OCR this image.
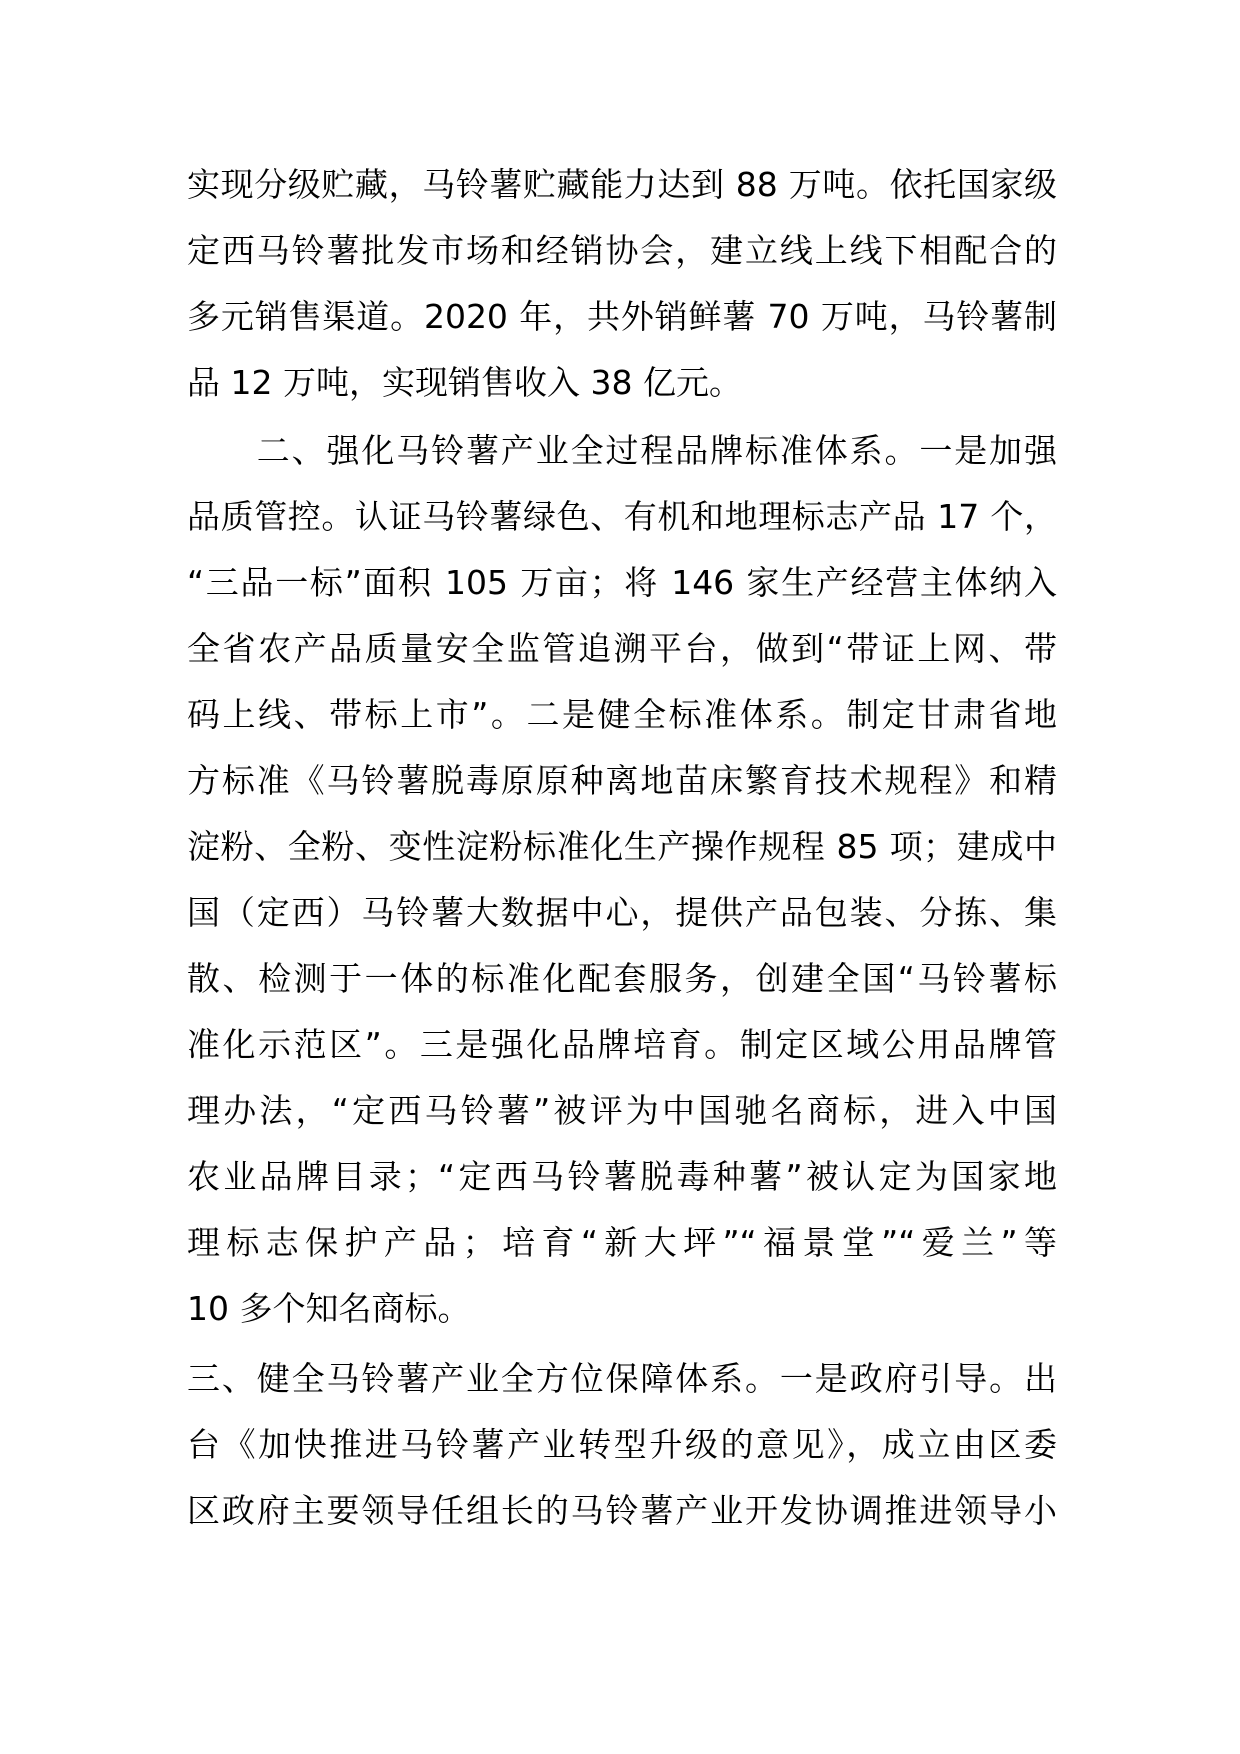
实现分级贮藏，马铃薯贮藏能力达到 88 万吨。依托国家级
定西马铃薯批发市场和经销协会，建立线上线下相配合的
多元销售渠道。2020 年，共外销鲜薯 70 万吨，马铃薯制
品 12 万吨，实现销售收入 38 亿元。
　　二、强化马铃薯产业全过程品牌标准体系。一是加强
品质管控。认证马铃薯绿色、有机和地理标志产品 17 个，
“三品一标”面积 105 万亩；将 146 家生产经营主体纳入
全省农产品质量安全监管追溯平台，做到“带证上网、带
码上线、带标上市”。二是健全标准体系。制定甘肃省地
方标准《马铃薯脱毒原原种离地苗床繁育技术规程》和精
淀粉、全粉、变性淀粉标准化生产操作规程 85 项；建成中
国（定西）马铃薯大数据中心，提供产品包装、分拣、集
散、检测于一体的标准化配套服务，创建全国“马铃薯标
准化示范区”。三是强化品牌培育。制定区域公用品牌管
理办法，“定西马铃薯”被评为中国驰名商标，进入中国
农业品牌目录；“定西马铃薯脱毒种薯”被认定为国家地
理标志保护产品；培育“新大坪”“福景堂”“爱兰”等
10 多个知名商标。
三、健全马铃薯产业全方位保障体系。一是政府引导。出
台《加快推进马铃薯产业转型升级的意见》，成立由区委
区政府主要领导任组长的马铃薯产业开发协调推进领导小
